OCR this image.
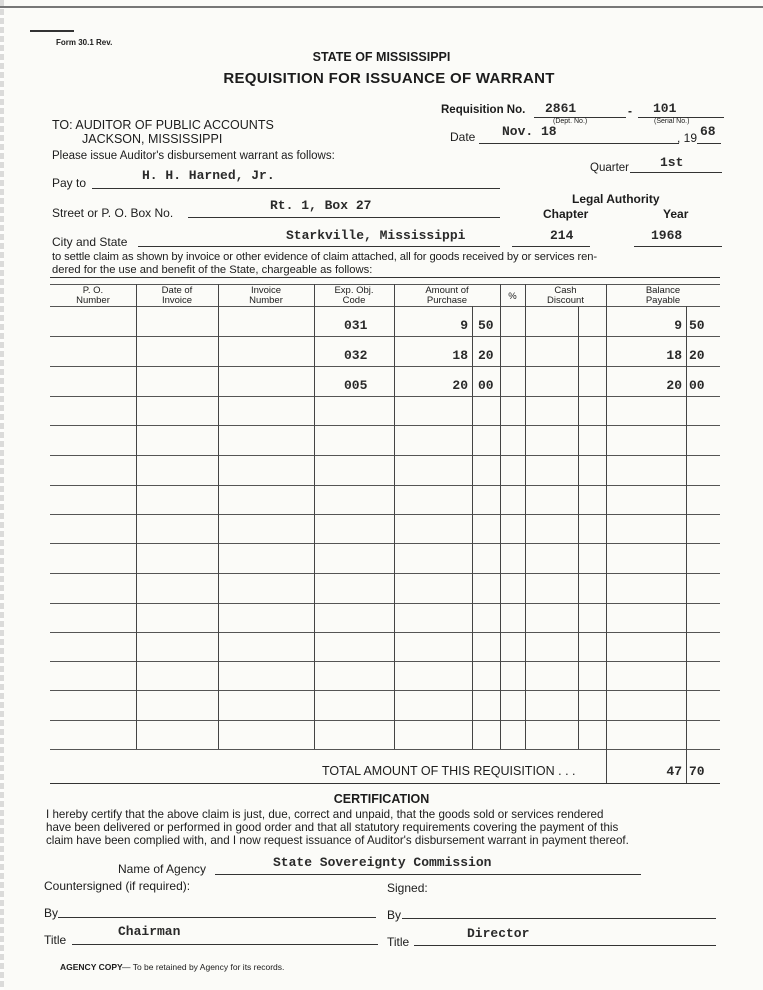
Form 30.1 Rev.
STATE OF MISSISSIPPI
REQUISITION FOR ISSUANCE OF WARRANT
TO: AUDITOR OF PUBLIC ACCOUNTS
JACKSON, MISSISSIPPI
Requisition No. 2861
(Dept. No.)
- 101
(Serial No.)
Date Nov. 18	, 19 68
Please issue Auditor's disbursement warrant as follows:
Quarter 1st
Pay to	H. H. Harned, Jr.
Legal Authority
Chapter	Year
Street or P. O. Box No.	Rt. 1, Box 27
City and State	Starkville, Mississippi	214	1968
to settle claim as shown by invoice or other evidence of claim attached, all for goods received by or services ren-
dered for the use and benefit of the State, chargeable as follows:
P. O.
Number
Date of
Invoice
Invoice
Number
Exp. Obj.
Code
Amount of
Purchase	%
Cash
Discount
Balance
Payable
031	9 50	9 50
032	18 20	18 20
005	20 00	20 00
TOTAL AMOUNT OF THIS REQUISITION . . .	47 70
CERTIFICATION
I hereby certify that the above claim is just, due, correct and unpaid, that the goods sold or services rendered
have been delivered or performed in good order and that all statutory requirements covering the payment of this
claim have been complied with, and I now request issuance of Auditor's disbursement warrant in payment thereof.
Name of Agency	State Sovereignty Commission
Countersigned (if required):	Signed:
By	By
Title
Chairman
Title
Director
AGENCY COPY — To be retained by Agency for its records.
